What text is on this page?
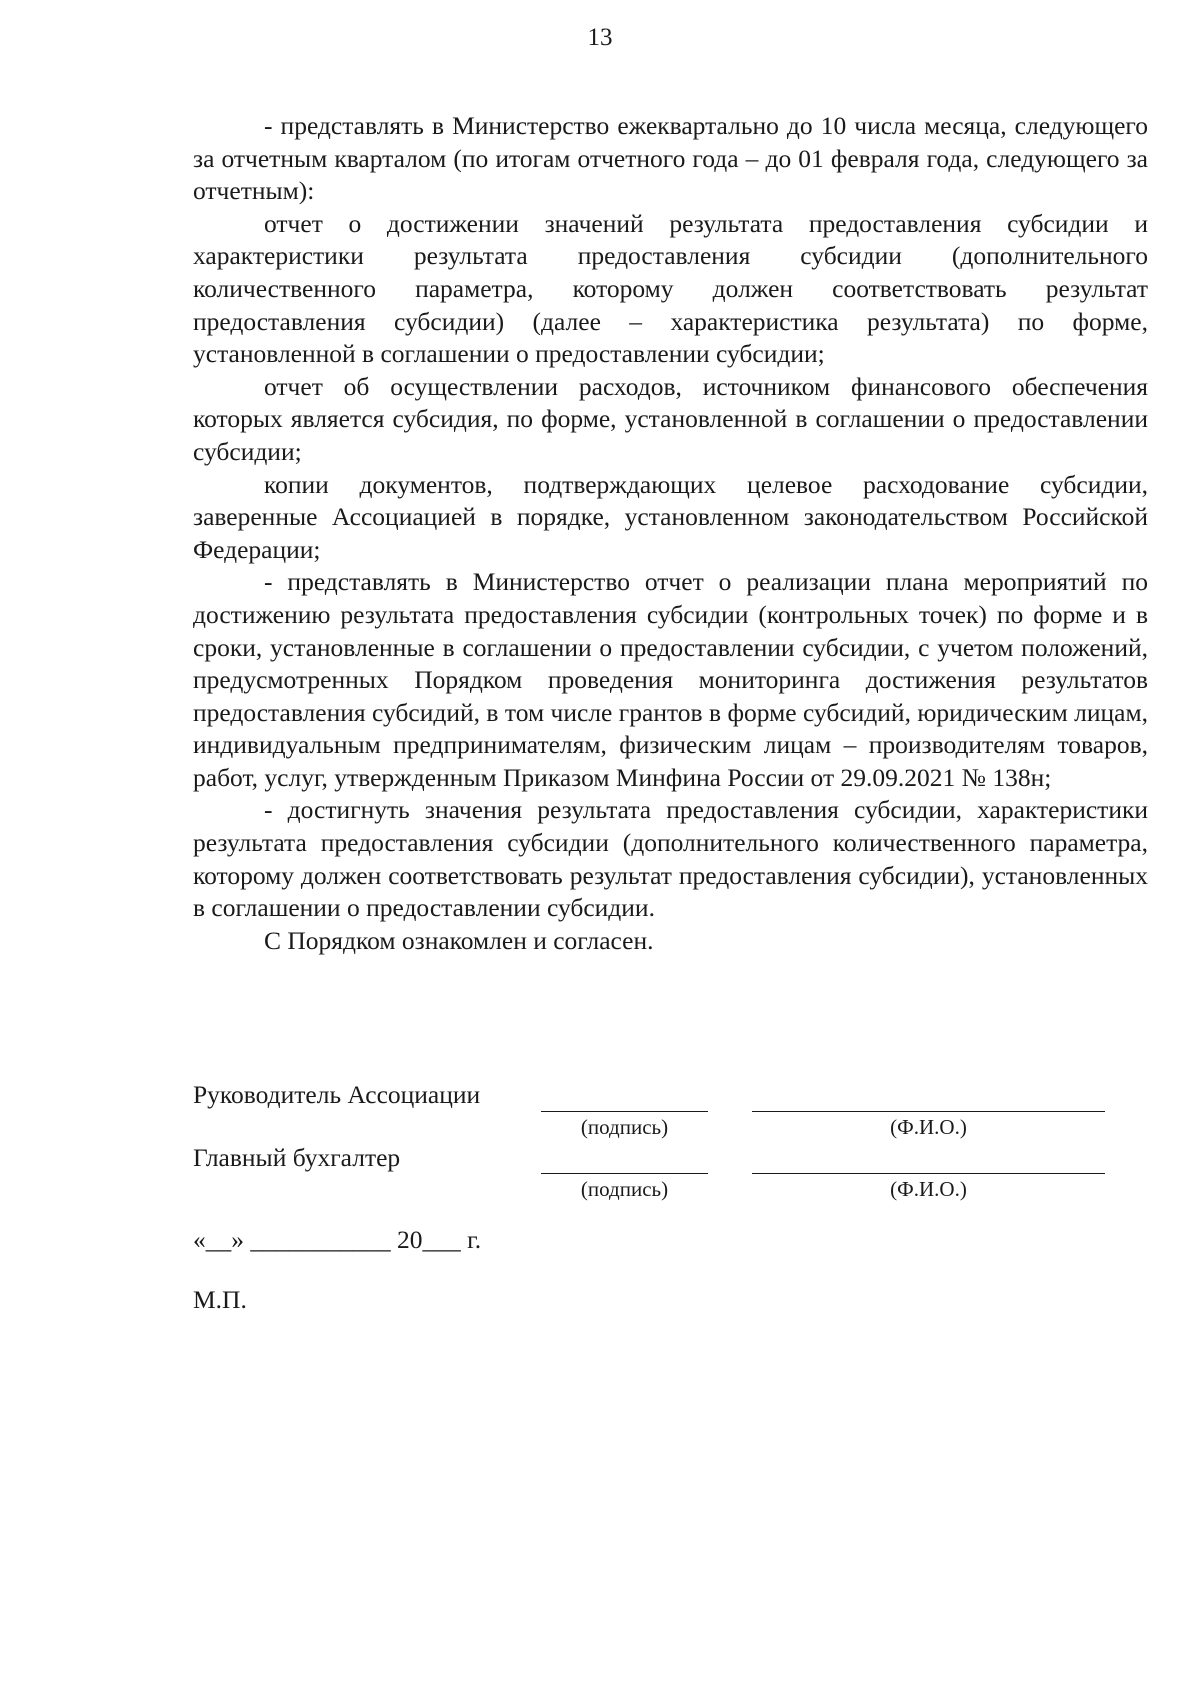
13

- представлять в Министерство ежеквартально до 10 числа месяца, следующего за отчетным кварталом (по итогам отчетного года – до 01 февраля года, следующего за отчетным):

отчет о достижении значений результата предоставления субсидии и характеристики результата предоставления субсидии (дополнительного количественного параметра, которому должен соответствовать результат предоставления субсидии) (далее – характеристика результата) по форме, установленной в соглашении о предоставлении субсидии;

отчет об осуществлении расходов, источником финансового обеспечения которых является субсидия, по форме, установленной в соглашении о предоставлении субсидии;

копии документов, подтверждающих целевое расходование субсидии, заверенные Ассоциацией в порядке, установленном законодательством Российской Федерации;

- представлять в Министерство отчет о реализации плана мероприятий по достижению результата предоставления субсидии (контрольных точек) по форме и в сроки, установленные в соглашении о предоставлении субсидии, с учетом положений, предусмотренных Порядком проведения мониторинга достижения результатов предоставления субсидий, в том числе грантов в форме субсидий, юридическим лицам, индивидуальным предпринимателям, физическим лицам – производителям товаров, работ, услуг, утвержденным Приказом Минфина России от 29.09.2021 № 138н;

- достигнуть значения результата предоставления субсидии, характеристики результата предоставления субсидии (дополнительного количественного параметра, которому должен соответствовать результат предоставления субсидии), установленных в соглашении о предоставлении субсидии.

С Порядком ознакомлен и согласен.

Руководитель Ассоциации
(подпись)	(Ф.И.О.)
Главный бухгалтер
(подпись)	(Ф.И.О.)
«__» ___________ 20___ г.
М.П.
